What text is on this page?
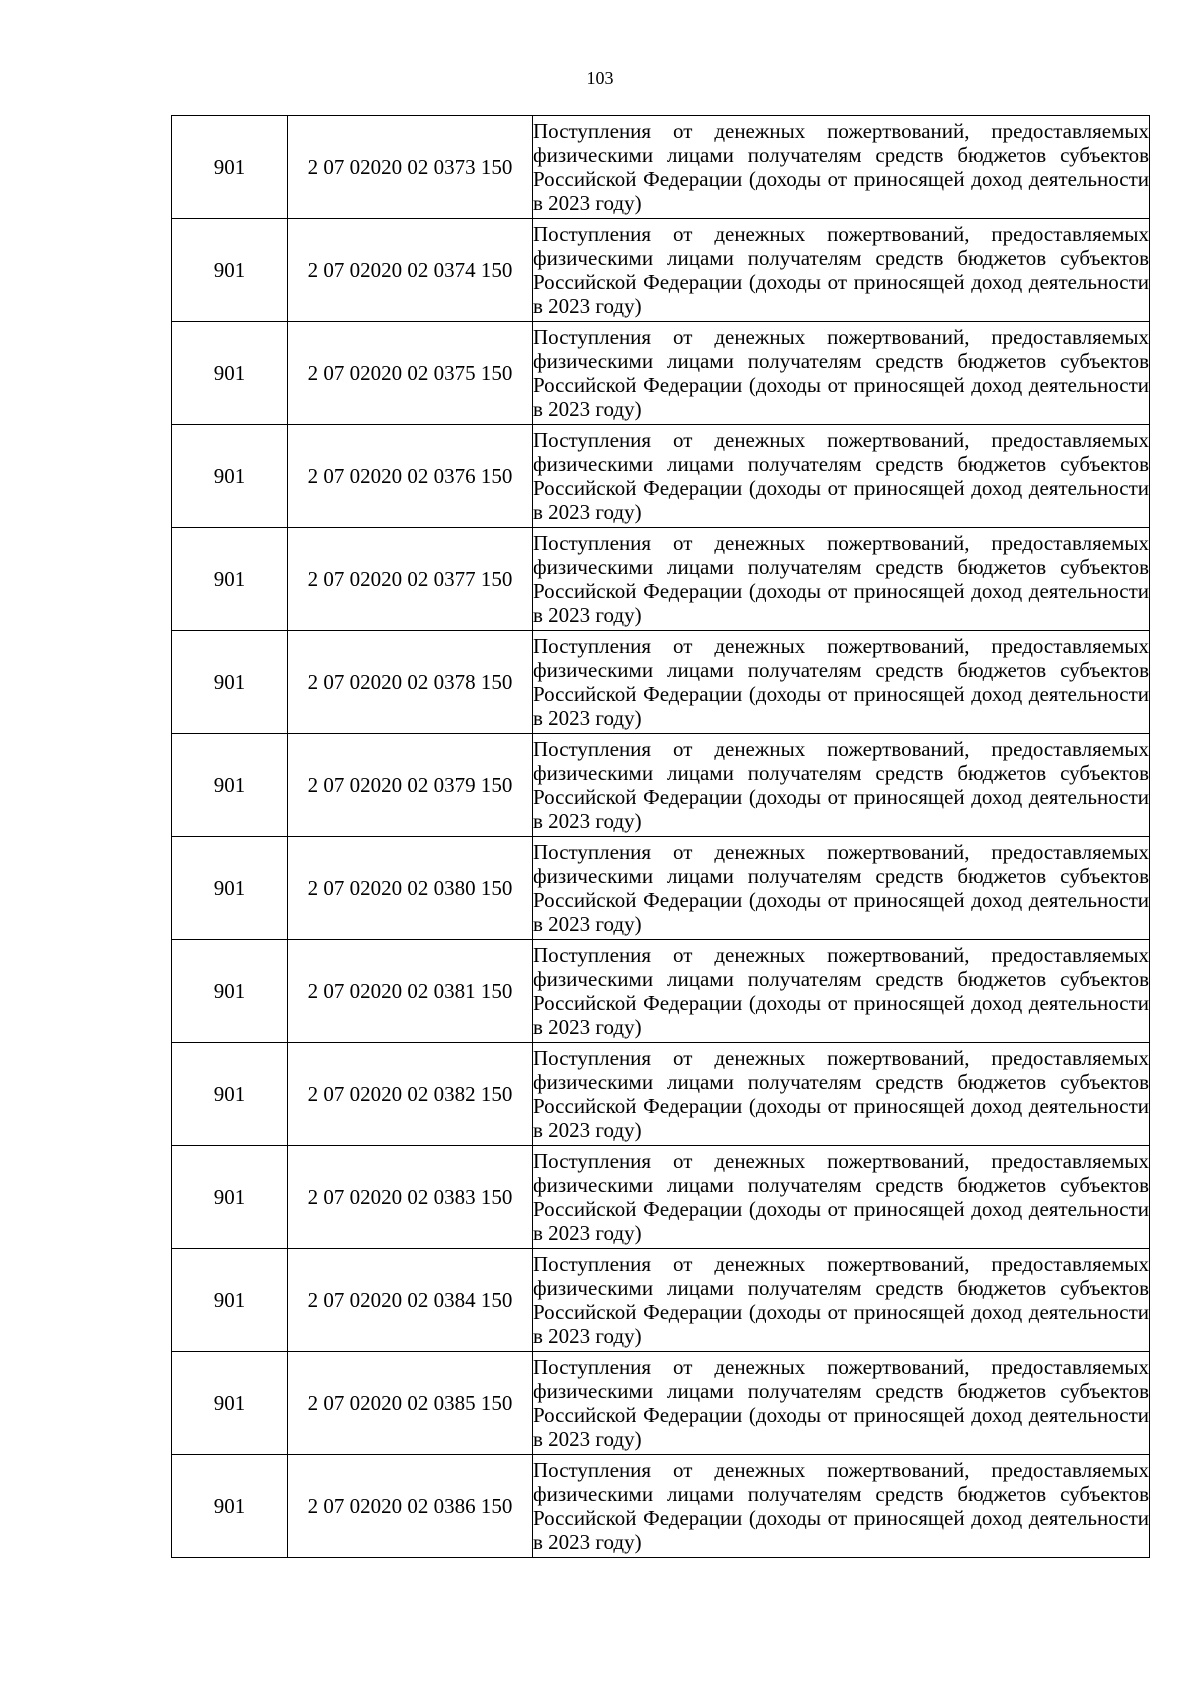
103
901	2 07 02020 02 0373 150	Поступления от денежных пожертвований, предоставляемых физическими лицами получателям средств бюджетов субъектов Российской Федерации (доходы от приносящей доход деятельности в 2023 году)

901	2 07 02020 02 0374 150	Поступления от денежных пожертвований, предоставляемых физическими лицами получателям средств бюджетов субъектов Российской Федерации (доходы от приносящей доход деятельности в 2023 году)

901	2 07 02020 02 0375 150	Поступления от денежных пожертвований, предоставляемых физическими лицами получателям средств бюджетов субъектов Российской Федерации (доходы от приносящей доход деятельности в 2023 году)

901	2 07 02020 02 0376 150	Поступления от денежных пожертвований, предоставляемых физическими лицами получателям средств бюджетов субъектов Российской Федерации (доходы от приносящей доход деятельности в 2023 году)

901	2 07 02020 02 0377 150	Поступления от денежных пожертвований, предоставляемых физическими лицами получателям средств бюджетов субъектов Российской Федерации (доходы от приносящей доход деятельности в 2023 году)

901	2 07 02020 02 0378 150	Поступления от денежных пожертвований, предоставляемых физическими лицами получателям средств бюджетов субъектов Российской Федерации (доходы от приносящей доход деятельности в 2023 году)

901	2 07 02020 02 0379 150	Поступления от денежных пожертвований, предоставляемых физическими лицами получателям средств бюджетов субъектов Российской Федерации (доходы от приносящей доход деятельности в 2023 году)

901	2 07 02020 02 0380 150	Поступления от денежных пожертвований, предоставляемых физическими лицами получателям средств бюджетов субъектов Российской Федерации (доходы от приносящей доход деятельности в 2023 году)

901	2 07 02020 02 0381 150	Поступления от денежных пожертвований, предоставляемых физическими лицами получателям средств бюджетов субъектов Российской Федерации (доходы от приносящей доход деятельности в 2023 году)

901	2 07 02020 02 0382 150	Поступления от денежных пожертвований, предоставляемых физическими лицами получателям средств бюджетов субъектов Российской Федерации (доходы от приносящей доход деятельности в 2023 году)

901	2 07 02020 02 0383 150	Поступления от денежных пожертвований, предоставляемых физическими лицами получателям средств бюджетов субъектов Российской Федерации (доходы от приносящей доход деятельности в 2023 году)

901	2 07 02020 02 0384 150	Поступления от денежных пожертвований, предоставляемых физическими лицами получателям средств бюджетов субъектов Российской Федерации (доходы от приносящей доход деятельности в 2023 году)

901	2 07 02020 02 0385 150	Поступления от денежных пожертвований, предоставляемых физическими лицами получателям средств бюджетов субъектов Российской Федерации (доходы от приносящей доход деятельности в 2023 году)

901	2 07 02020 02 0386 150	Поступления от денежных пожертвований, предоставляемых физическими лицами получателям средств бюджетов субъектов Российской Федерации (доходы от приносящей доход деятельности в 2023 году)
